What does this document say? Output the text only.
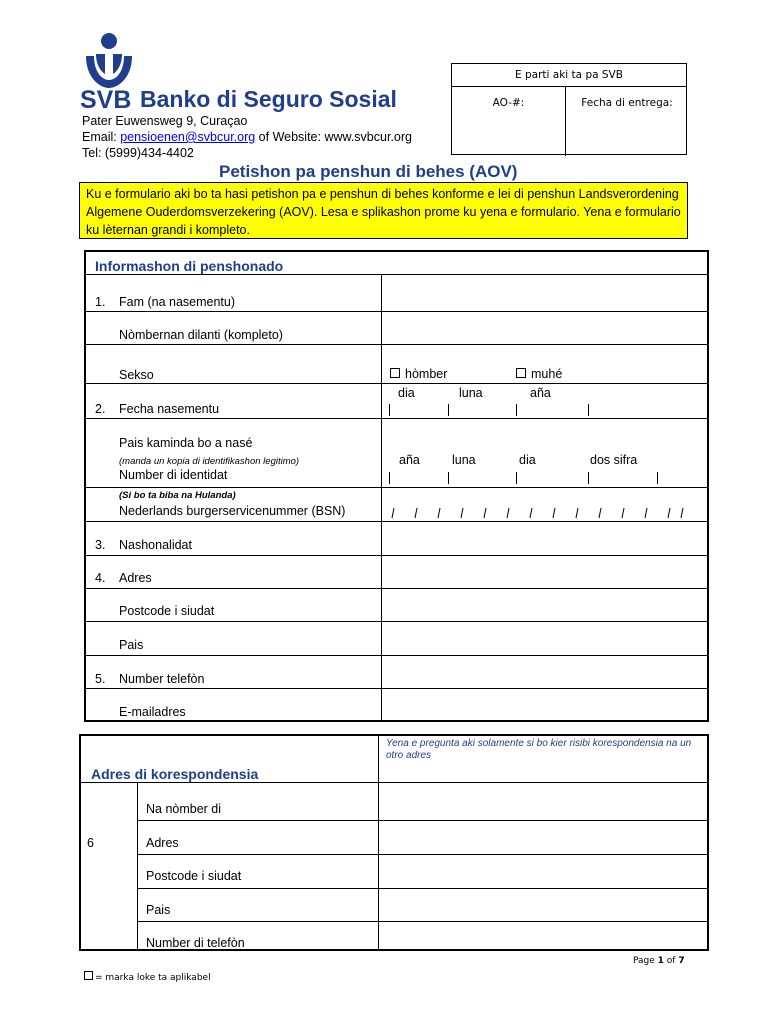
SVB Banko di Seguro Sosial
Pater Euwensweg 9, Curaçao
Email: pensioenen@svbcur.org of Website: www.svbcur.org
Tel: (5999)434-4402
E parti aki ta pa SVB
AO-#:	Fecha di entrega:
Petishon pa penshun di behes (AOV)
Ku e formulario aki bo ta hasi petishon pa e penshun di behes konforme e lei di penshun Landsverordening Algemene Ouderdomsverzekering (AOV). Lesa e splikashon prome ku yena e formulario. Yena e formulario ku lèternan grandi i kompleto.
Informashon di penshonado
1. Fam (na nasementu)
Nòmbernan dilanti (kompleto)
Sekso	hòmber	muhé
dia	luna	aña
2. Fecha nasementu
Pais kaminda bo a nasé
(manda un kopia di identifikashon legitimo)
Number di identidat
aña	luna	dia	dos sifra
(Si bo ta biba na Hulanda)
Nederlands burgerservicenummer (BSN)
3. Nashonalidat
4. Adres
Postcode i siudat
Pais
5. Number telefòn
E-mailadres
Yena e pregunta aki solamente si bo kier risibi korespondensia na un otro adres
Adres di korespondensia
6
Na nòmber di
Adres
Postcode i siudat
Pais
Number di telefòn
Page 1 of 7
= marka loke ta aplikabel
